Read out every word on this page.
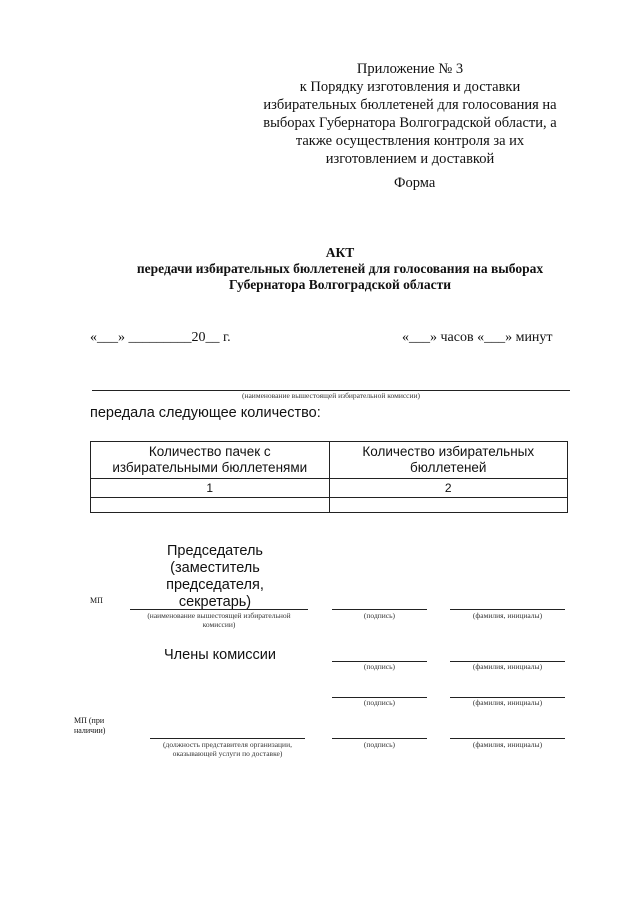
Приложение № 3
к Порядку изготовления и доставки
избирательных бюллетеней для голосования на
выборах Губернатора Волгоградской области, а
также осуществления контроля за их
изготовлением и доставкой
Форма
АКТ
передачи избирательных бюллетеней для голосования на выборах
Губернатора Волгоградской области
«___» _________20__ г.	«___» часов «___» минут
(наименование вышестоящей избирательной комиссии)
передала следующее количество:
Количество пачек с избирательными бюллетенями	Количество избирательных бюллетеней
1	2

Председатель
(заместитель
председателя, секретарь)
МП
(наименование вышестоящей избирательной
комиссии)
(подпись)	(фамилия, инициалы)
Члены комиссии
(подпись)	(фамилия, инициалы)
(подпись)	(фамилия, инициалы)
МП (при
наличии)
(должность представителя организации,
оказывающей услуги по доставке)
(подпись)	(фамилия, инициалы)
